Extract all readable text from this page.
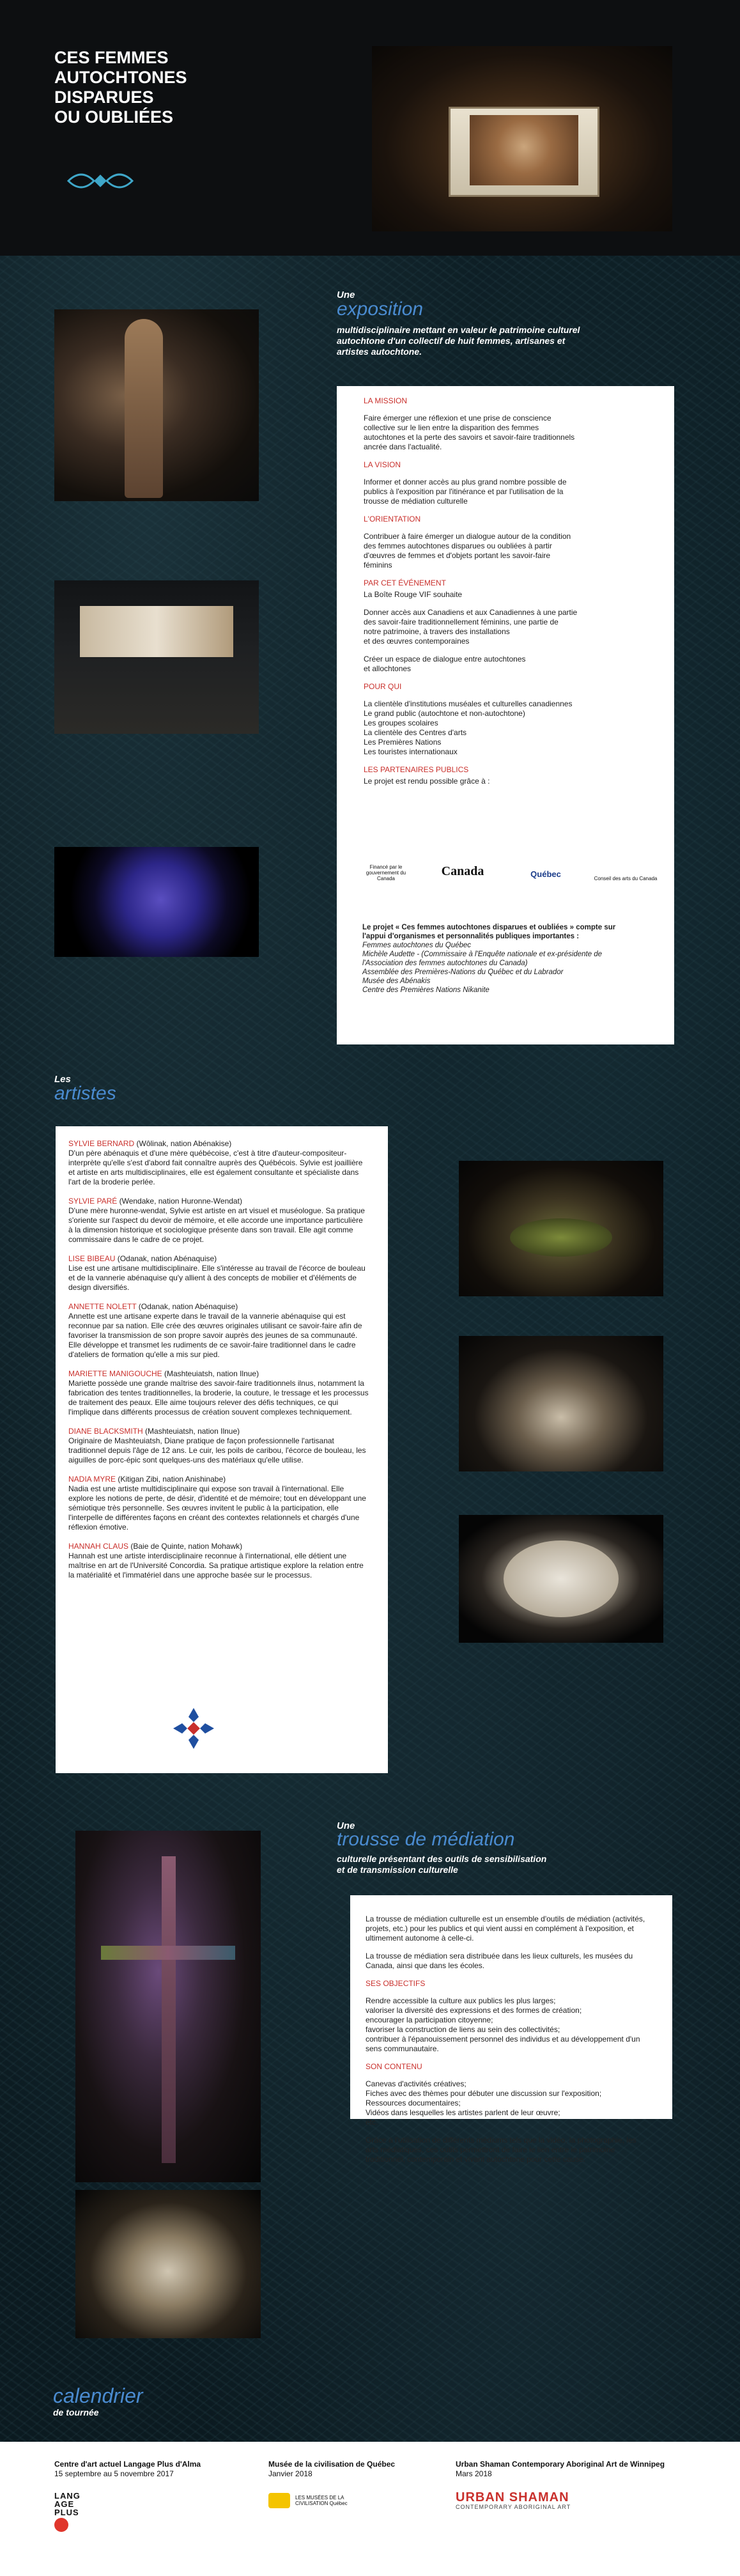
CES FEMMES
AUTOCHTONES
DISPARUES
OU OUBLIÉES
Une
exposition
multidisciplinaire mettant en valeur le patrimoine culturel
autochtone d'un collectif de huit femmes, artisanes et
artistes autochtone.
LA MISSION
Faire émerger une réflexion et une prise de conscience
collective sur le lien entre la disparition des femmes
autochtones et la perte des savoirs et savoir-faire traditionnels
ancrée dans l'actualité.
LA VISION
Informer et donner accès au plus grand nombre possible de
publics à l'exposition par l'itinérance et par l'utilisation de la
trousse de médiation culturelle
L'ORIENTATION
Contribuer à faire émerger un dialogue autour de la condition
des femmes autochtones disparues ou oubliées à partir
d'œuvres de femmes et d'objets portant les savoir-faire
féminins
PAR CET ÉVÉNEMENT
La Boîte Rouge VIF souhaite
Donner accès aux Canadiens et aux Canadiennes à une partie
des savoir-faire traditionnellement féminins, une partie de
notre patrimoine, à travers des installations
et des œuvres contemporaines
Créer un espace de dialogue entre autochtones
et allochtones
POUR QUI
La clientèle d'institutions muséales et culturelles canadiennes
Le grand public (autochtone et non-autochtone)
Les groupes scolaires
La clientèle des Centres d'arts
Les Premières Nations
Les touristes internationaux
LES PARTENAIRES PUBLICS
Le projet est rendu possible grâce à :
Financé par le gouvernement du Canada
Canada	Québec	Conseil des arts du Canada
Le projet « Ces femmes autochtones disparues et oubliées » compte sur
l'appui d'organismes et personnalités publiques importantes :
Femmes autochtones du Québec
Michèle Audette - (Commissaire à l'Enquête nationale et ex-présidente de
l'Association des femmes autochtones du Canada)
Assemblée des Premières-Nations du Québec et du Labrador
Musée des Abénakis
Centre des Premières Nations Nikanite
Les
artistes
SYLVIE BERNARD (Wôlinak, nation Abénakise)
D'un père abénaquis et d'une mère québécoise, c'est à titre d'auteur-compositeur-interprète qu'elle s'est d'abord fait connaître auprès des Québécois. Sylvie est joaillière et artiste en arts multidisciplinaires, elle est également consultante et spécialiste dans l'art de la broderie perlée.
SYLVIE PARÉ (Wendake, nation Huronne-Wendat)
D'une mère huronne-wendat, Sylvie est artiste en art visuel et muséologue. Sa pratique s'oriente sur l'aspect du devoir de mémoire, et elle accorde une importance particulière à la dimension historique et sociologique présente dans son travail. Elle agit comme commissaire dans le cadre de ce projet.
LISE BIBEAU (Odanak, nation Abénaquise)
Lise est une artisane multidisciplinaire. Elle s'intéresse au travail de l'écorce de bouleau et de la vannerie abénaquise qu'y allient à des concepts de mobilier et d'éléments de design diversifiés.
ANNETTE NOLETT (Odanak, nation Abénaquise)
Annette est une artisane experte dans le travail de la vannerie abénaquise qui est reconnue par sa nation. Elle crée des œuvres originales utilisant ce savoir-faire afin de favoriser la transmission de son propre savoir auprès des jeunes de sa communauté. Elle développe et transmet les rudiments de ce savoir-faire traditionnel dans le cadre d'ateliers de formation qu'elle a mis sur pied.
MARIETTE MANIGOUCHE (Mashteuiatsh, nation Ilnue)
Mariette possède une grande maîtrise des savoir-faire traditionnels ilnus, notamment la fabrication des tentes traditionnelles, la broderie, la couture, le tressage et les processus de traitement des peaux. Elle aime toujours relever des défis techniques, ce qui l'implique dans différents processus de création souvent complexes techniquement.
DIANE BLACKSMITH (Mashteuiatsh, nation Ilnue)
Originaire de Mashteuiatsh, Diane pratique de façon professionnelle l'artisanat traditionnel depuis l'âge de 12 ans. Le cuir, les poils de caribou, l'écorce de bouleau, les aiguilles de porc-épic sont quelques-uns des matériaux qu'elle utilise.
NADIA MYRE (Kitigan Zibi, nation Anishinabe)
Nadia est une artiste multidisciplinaire qui expose son travail à l'international. Elle explore les notions de perte, de désir, d'identité et de mémoire; tout en développant une sémiotique très personnelle. Ses œuvres invitent le public à la participation, elle l'interpelle de différentes façons en créant des contextes relationnels et chargés d'une réflexion émotive.
HANNAH CLAUS (Baie de Quinte, nation Mohawk)
Hannah est une artiste interdisciplinaire reconnue à l'international, elle détient une maîtrise en art de l'Université Concordia. Sa pratique artistique explore la relation entre la matérialité et l'immatériel dans une approche basée sur le processus.
Une
trousse de médiation
culturelle présentant des outils de sensibilisation
et de transmission culturelle
La trousse de médiation culturelle est un ensemble d'outils de médiation (activités, projets, etc.) pour les publics et qui vient aussi en complément à l'exposition, et ultimement autonome à celle-ci.
La trousse de médiation sera distribuée dans les lieux culturels, les musées du Canada, ainsi que dans les écoles.
SES OBJECTIFS
Rendre accessible la culture aux publics les plus larges;
valoriser la diversité des expressions et des formes de création;
encourager la participation citoyenne;
favoriser la construction de liens au sein des collectivités;
contribuer à l'épanouissement personnel des individus et au développement d'un sens communautaire.
SON CONTENU
Canevas d'activités créatives;
Fiches avec des thèmes pour débuter une discussion sur l'exposition;
Ressources documentaires;
Vidéos dans lesquelles les artistes parlent de leur œuvre;
etc.
Grâce à l'utilisation de différents médiums tels que la vidéo, la photographie, les arts médiatiques, ces outils permettront de faire le lien entre le patrimoine traditionnel, contemporain et vivant autochtone pour cette cause.
calendrier
de tournée
Centre d'art actuel Langage Plus d'Alma
15 septembre au 5 novembre 2017
LANG AGE PLUS
Musée de la civilisation de Québec
Janvier 2018
LES MUSÉES DE LA CIVILISATION Québec
Urban Shaman Contemporary Aboriginal Art de Winnipeg
Mars 2018
URBAN SHAMAN
CONTEMPORARY ABORIGINAL ART
